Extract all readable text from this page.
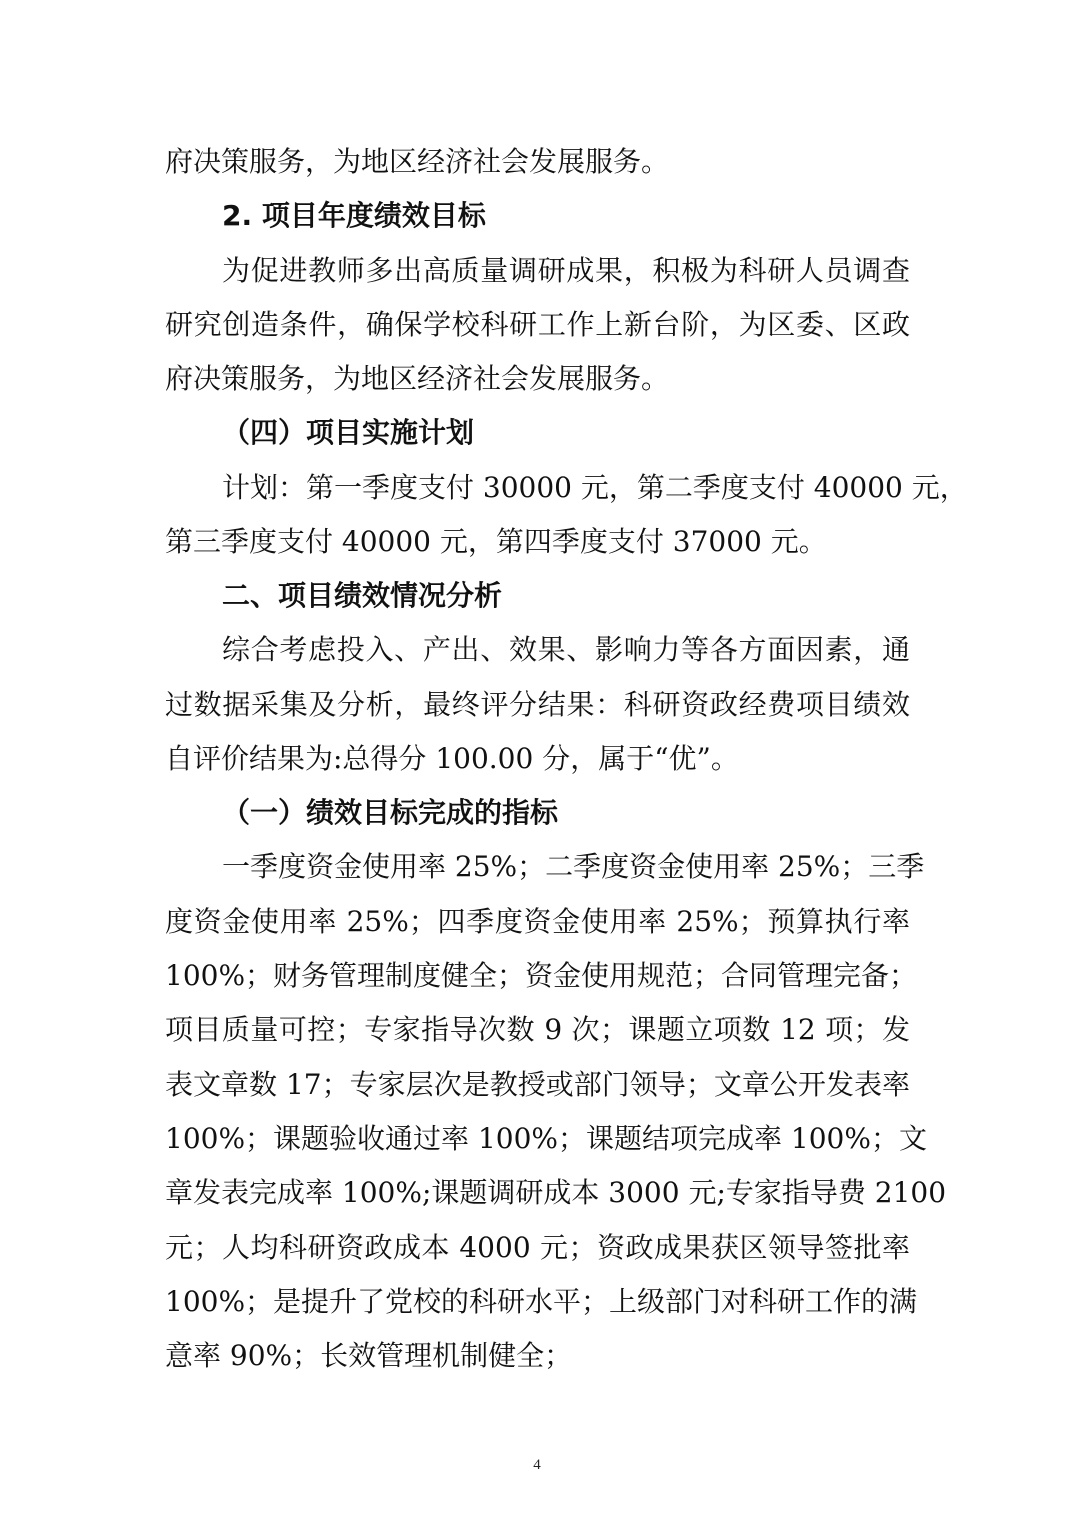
府决策服务，为地区经济社会发展服务。
2. 项目年度绩效目标
为促进教师多出高质量调研成果，积极为科研人员调查
研究创造条件，确保学校科研工作上新台阶，为区委、区政
府决策服务，为地区经济社会发展服务。
（四）项目实施计划
计划：第一季度支付 30000 元，第二季度支付 40000 元，
第三季度支付 40000 元，第四季度支付 37000 元。
二、项目绩效情况分析
综合考虑投入、产出、效果、影响力等各方面因素，通
过数据采集及分析，最终评分结果：科研资政经费项目绩效
自评价结果为:总得分 100.00 分，属于“优”。
（一）绩效目标完成的指标
一季度资金使用率 25%；二季度资金使用率 25%；三季
度资金使用率 25%；四季度资金使用率 25%；预算执行率
100%；财务管理制度健全；资金使用规范；合同管理完备；
项目质量可控；专家指导次数 9 次；课题立项数 12 项；发
表文章数 17；专家层次是教授或部门领导；文章公开发表率
100%；课题验收通过率 100%；课题结项完成率 100%；文
章发表完成率 100%;课题调研成本 3000 元;专家指导费 2100
元；人均科研资政成本 4000 元；资政成果获区领导签批率
100%；是提升了党校的科研水平；上级部门对科研工作的满
意率 90%；长效管理机制健全；
4
